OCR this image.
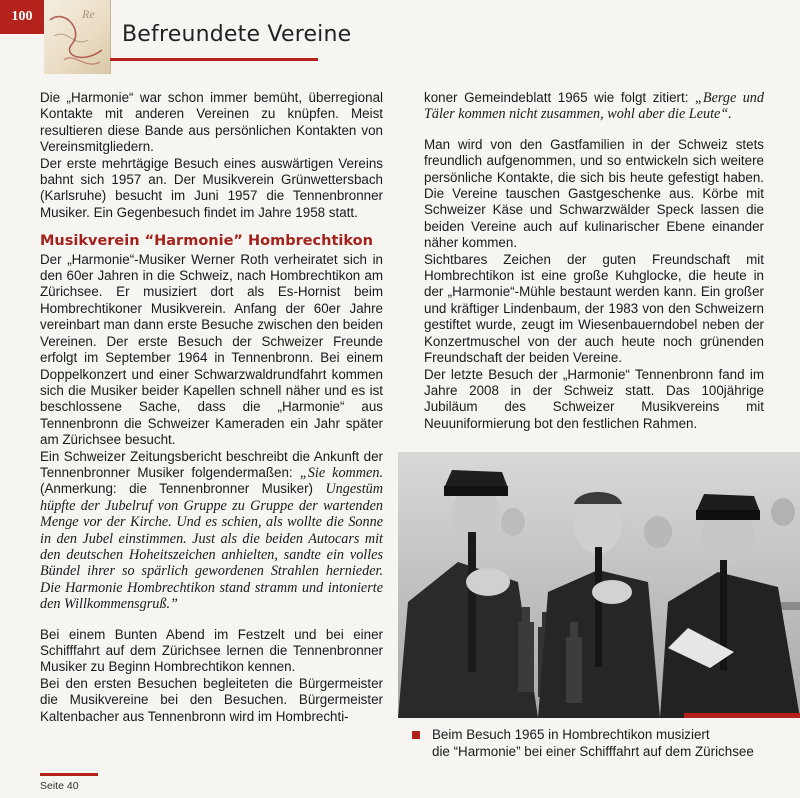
100	Re
Befreundete Vereine

Die „Harmonie“ war schon immer bemüht, überregional Kontakte mit anderen Vereinen zu knüpfen. Meist resultieren diese Bande aus persönlichen Kontakten von Vereinsmitgliedern.

Der erste mehrtägige Besuch eines auswärtigen Vereins bahnt sich 1957 an. Der Musikverein Grünwettersbach (Karlsruhe) besucht im Juni 1957 die Tennenbronner Musiker. Ein Gegenbesuch findet im Jahre 1958 statt.

Musikverein “Harmonie” Hombrechtikon

Der „Harmonie“-Musiker Werner Roth verheiratet sich in den 60er Jahren in die Schweiz, nach Hombrechtikon am Zürichsee. Er musiziert dort als Es-Hornist beim Hombrechtikoner Musikverein. Anfang der 60er Jahre vereinbart man dann erste Besuche zwischen den beiden Vereinen. Der erste Besuch der Schweizer Freunde erfolgt im September 1964 in Tennenbronn. Bei einem Doppelkonzert und einer Schwarzwaldrundfahrt kommen sich die Musiker beider Kapellen schnell näher und es ist beschlossene Sache, dass die „Harmonie“ aus Tennenbronn die Schweizer Kameraden ein Jahr später am Zürichsee besucht.

Ein Schweizer Zeitungsbericht beschreibt die Ankunft der Tennenbronner Musiker folgendermaßen: „Sie kommen. (Anmerkung: die Tennenbronner Musiker) Ungestüm hüpfte der Jubelruf von Gruppe zu Gruppe der wartenden Menge vor der Kirche. Und es schien, als wollte die Sonne in den Jubel einstimmen. Just als die beiden Autocars mit den deutschen Hoheitszeichen anhielten, sandte ein volles Bündel ihrer so spärlich gewordenen Strahlen hernieder. Die Harmonie Hombrechtikon stand stramm und intonierte den Willkommensgruß.”

Bei einem Bunten Abend im Festzelt und bei einer Schifffahrt auf dem Zürichsee lernen die Tennenbronner Musiker zu Beginn Hombrechtikon kennen.

Bei den ersten Besuchen begleiteten die Bürgermeister die Musikvereine bei den Besuchen. Bürgermeister Kaltenbacher aus Tennenbronn wird im Hombrechti-

koner Gemeindeblatt 1965 wie folgt zitiert: „Berge und Täler kommen nicht zusammen, wohl aber die Leute“.

Man wird von den Gastfamilien in der Schweiz stets freundlich aufgenommen, und so entwickeln sich weitere persönliche Kontakte, die sich bis heute gefestigt haben. Die Vereine tauschen Gastgeschenke aus. Körbe mit Schweizer Käse und Schwarzwälder Speck lassen die beiden Vereine auch auf kulinarischer Ebene einander näher kommen.

Sichtbares Zeichen der guten Freundschaft mit Hombrechtikon ist eine große Kuhglocke, die heute in der „Harmonie“-Mühle bestaunt werden kann. Ein großer und kräftiger Lindenbaum, der 1983 von den Schweizern gestiftet wurde, zeugt im Wiesenbauerndobel neben der Konzertmuschel von der auch heute noch grünenden Freundschaft der beiden Vereine.

Der letzte Besuch der „Harmonie“ Tennenbronn fand im Jahre 2008 in der Schweiz statt. Das 100jährige Jubiläum des Schweizer Musikvereins mit Neuuniformierung bot den festlichen Rahmen.

Beim Besuch 1965 in Hombrechtikon musiziert
die “Harmonie” bei einer Schifffahrt auf dem Zürichsee
Seite 40
